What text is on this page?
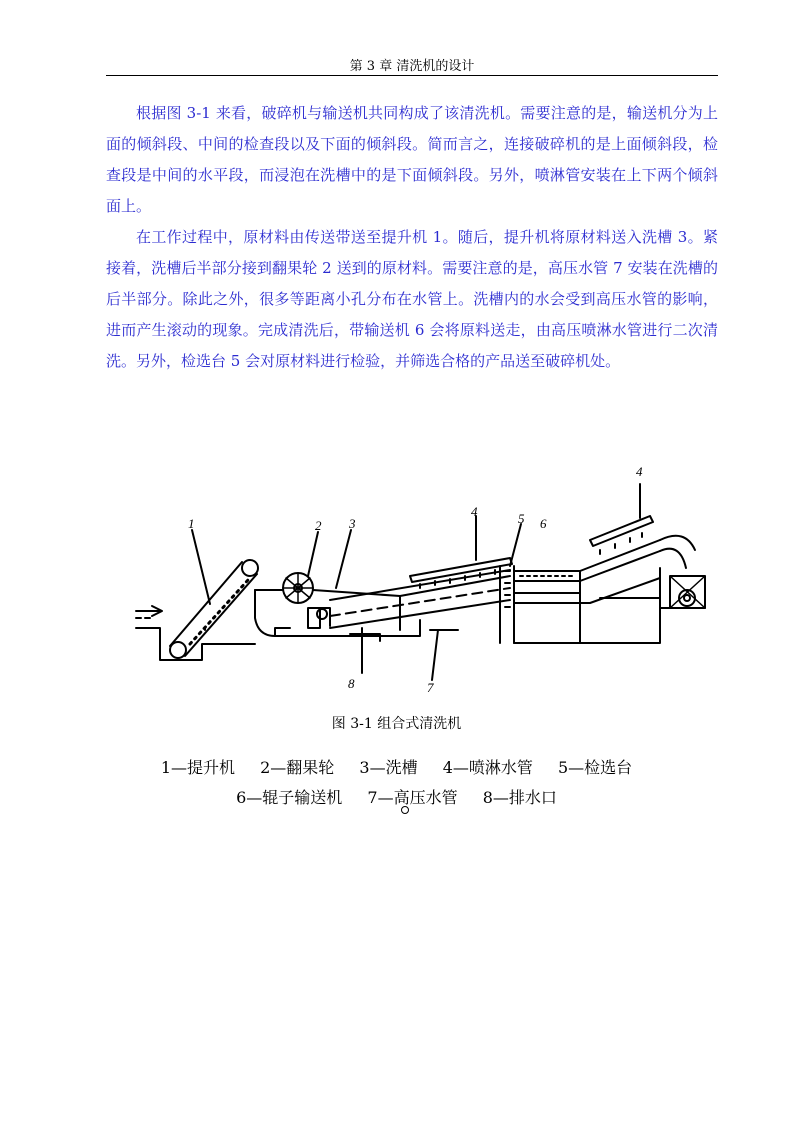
第 3 章 清洗机的设计

根据图 3-1 来看，破碎机与输送机共同构成了该清洗机。需要注意的是，输送机分为上面的倾斜段、中间的检查段以及下面的倾斜段。简而言之，连接破碎机的是上面倾斜段，检查段是中间的水平段，而浸泡在洗槽中的是下面倾斜段。另外，喷淋管安装在上下两个倾斜面上。

在工作过程中，原材料由传送带送至提升机 1。随后，提升机将原材料送入洗槽 3。紧接着，洗槽后半部分接到翻果轮 2 送到的原材料。需要注意的是，高压水管 7 安装在洗槽的后半部分。除此之外，很多等距离小孔分布在水管上。洗槽内的水会受到高压水管的影响，进而产生滚动的现象。完成清洗后，带输送机 6 会将原料送走，由高压喷淋水管进行二次清洗。另外，检选台 5 会对原材料进行检验，并筛选合格的产品送至破碎机处。

1	2 3
4	5 6
4
8	7
图 3-1 组合式清洗机
1—提升机 2—翻果轮 3—洗槽 4—喷淋水管 5—检选台
6—辊子输送机 7—高压水管 8—排水口
